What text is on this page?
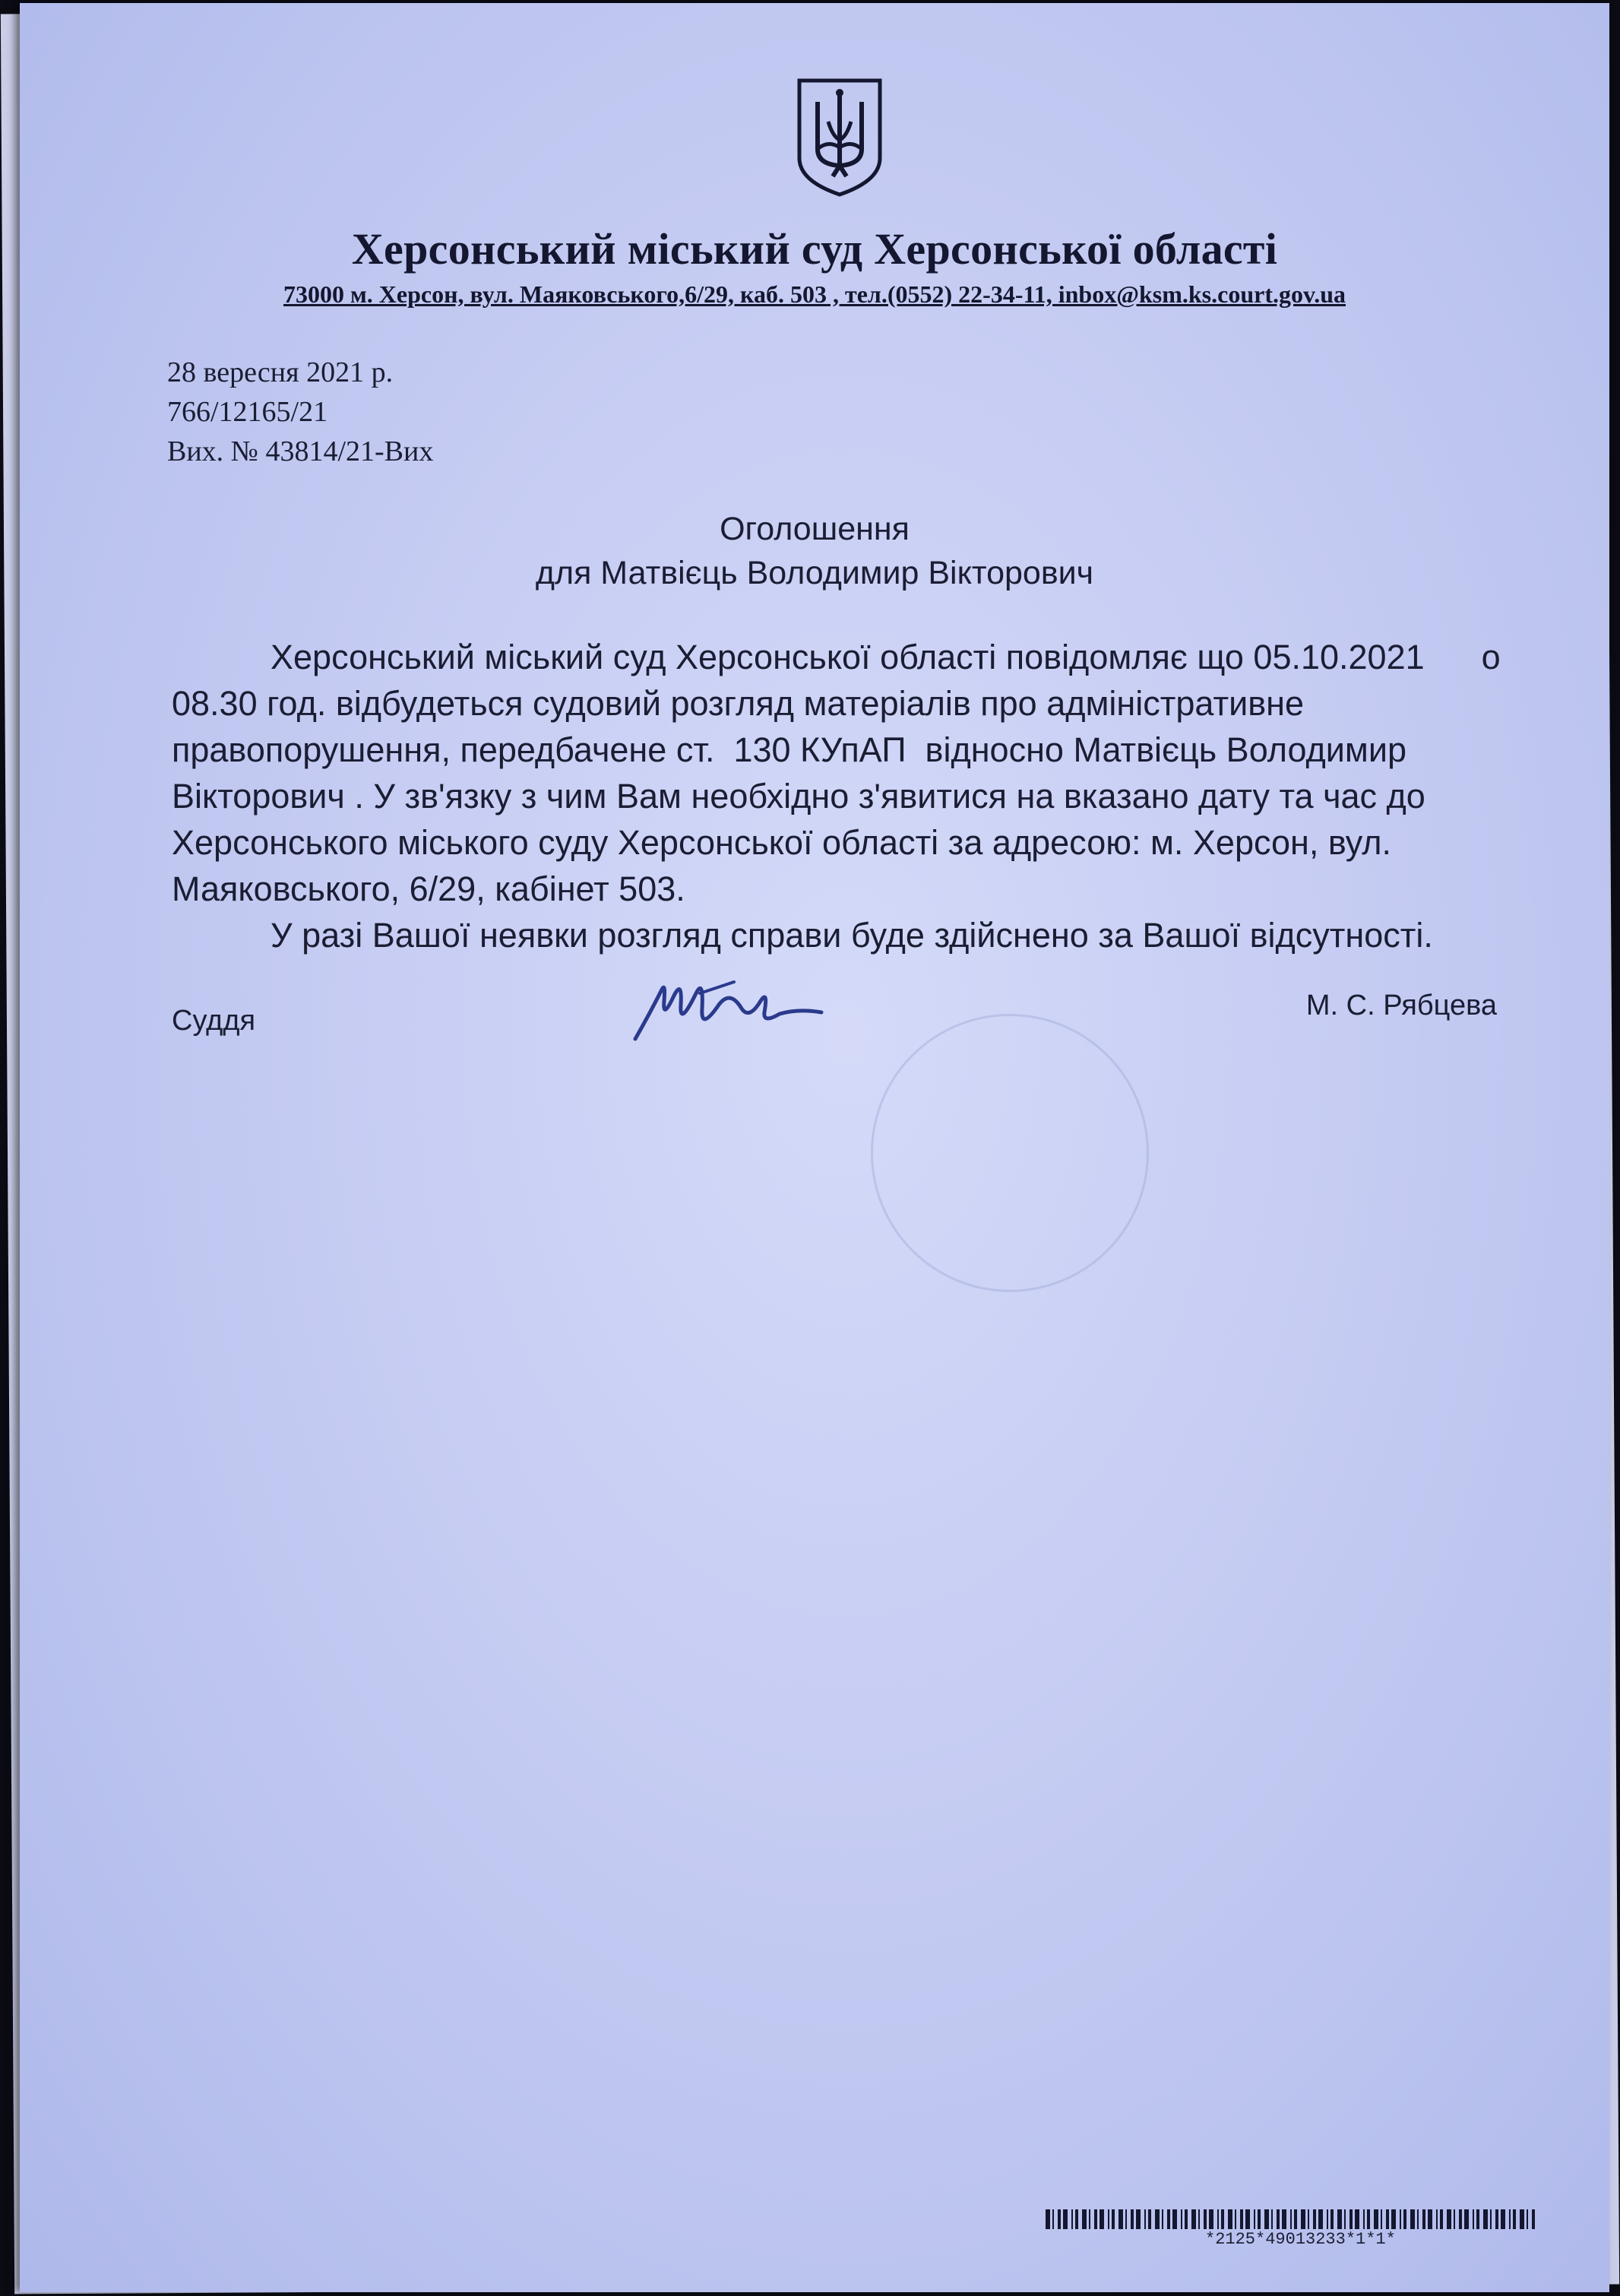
Херсонський міський суд Херсонської області
73000 м. Херсон, вул. Маяковського,6/29, каб. 503 , тел.(0552) 22-34-11, inbox@ksm.ks.court.gov.ua
28 вересня 2021 р.
766/12165/21
Вих. № 43814/21-Вих
Оголошення
для Матвієць Володимир Вікторович
Херсонський міський суд Херсонської області повідомляє що 05.10.2021      о
08.30 год. відбудеться судовий розгляд матеріалів про адміністративне
правопорушення, передбачене ст.  130 КУпАП  відносно Матвієць Володимир
Вікторович . У зв'язку з чим Вам необхідно з'явитися на вказано дату та час до
Херсонського міського суду Херсонської області за адресою: м. Херсон, вул.
Маяковського, 6/29, кабінет 503.
У разі Вашої неявки розгляд справи буде здійснено за Вашої відсутності.
Суддя	М. С. Рябцева
*2125*49013233*1*1*
